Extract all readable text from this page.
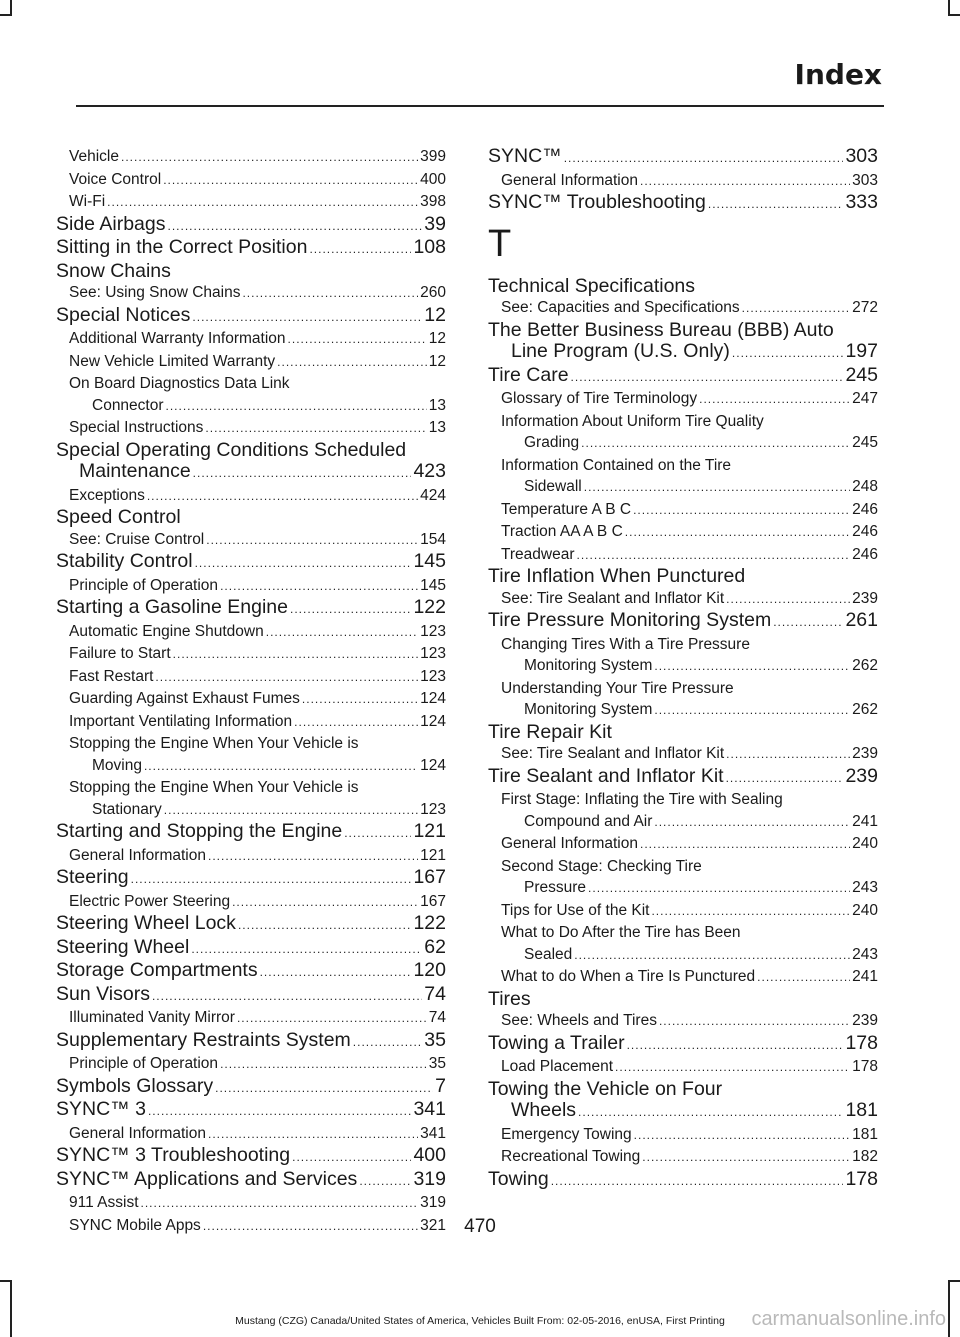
Index
Vehicle .....	399
Voice Control .....	400
Wi-Fi .....	398
Side Airbags .....	39
Sitting in the Correct Position .....	108
Snow Chains
See: Using Snow Chains .....	260
Special Notices .....	12
Additional Warranty Information .....	12
New Vehicle Limited Warranty .....	12
On Board Diagnostics Data Link
Connector .....	13
Special Instructions .....	13
Special Operating Conditions Scheduled
Maintenance .....	423
Exceptions .....	424
Speed Control
See: Cruise Control .....	154
Stability Control .....	145
Principle of Operation .....	145
Starting a Gasoline Engine .....	122
Automatic Engine Shutdown .....	123
Failure to Start .....	123
Fast Restart .....	123
Guarding Against Exhaust Fumes .....	124
Important Ventilating Information .....	124
Stopping the Engine When Your Vehicle is
Moving .....	124
Stopping the Engine When Your Vehicle is
Stationary .....	123
Starting and Stopping the Engine .....	121
General Information .....	121
Steering .....	167
Electric Power Steering .....	167
Steering Wheel Lock .....	122
Steering Wheel .....	62
Storage Compartments .....	120
Sun Visors .....	74
Illuminated Vanity Mirror .....	74
Supplementary Restraints System .....	35
Principle of Operation .....	35
Symbols Glossary .....	7
SYNC™ 3 .....	341
General Information .....	341
SYNC™ 3 Troubleshooting .....	400
SYNC™ Applications and Services .....	319
911 Assist .....	319
SYNC Mobile Apps .....	321
SYNC™ .....	303
General Information .....	303
SYNC™ Troubleshooting .....	333
T
Technical Specifications
See: Capacities and Specifications .....	272
The Better Business Bureau (BBB) Auto
Line Program (U.S. Only) .....	197
Tire Care .....	245
Glossary of Tire Terminology .....	247
Information About Uniform Tire Quality
Grading .....	245
Information Contained on the Tire
Sidewall .....	248
Temperature A B C .....	246
Traction AA A B C .....	246
Treadwear .....	246
Tire Inflation When Punctured
See: Tire Sealant and Inflator Kit .....	239
Tire Pressure Monitoring System .....	261
Changing Tires With a Tire Pressure
Monitoring System .....	262
Understanding Your Tire Pressure
Monitoring System .....	262
Tire Repair Kit
See: Tire Sealant and Inflator Kit .....	239
Tire Sealant and Inflator Kit .....	239
First Stage: Inflating the Tire with Sealing
Compound and Air .....	241
General Information .....	240
Second Stage: Checking Tire
Pressure .....	243
Tips for Use of the Kit .....	240
What to Do After the Tire has Been
Sealed .....	243
What to do When a Tire Is Punctured .....	241
Tires
See: Wheels and Tires .....	239
Towing a Trailer .....	178
Load Placement .....	178
Towing the Vehicle on Four
Wheels .....	181
Emergency Towing .....	181
Recreational Towing .....	182
Towing .....	178
470
Mustang (CZG) Canada/United States of America, Vehicles Built From: 02-05-2016, enUSA, First Printing	carmanualsonline.info
